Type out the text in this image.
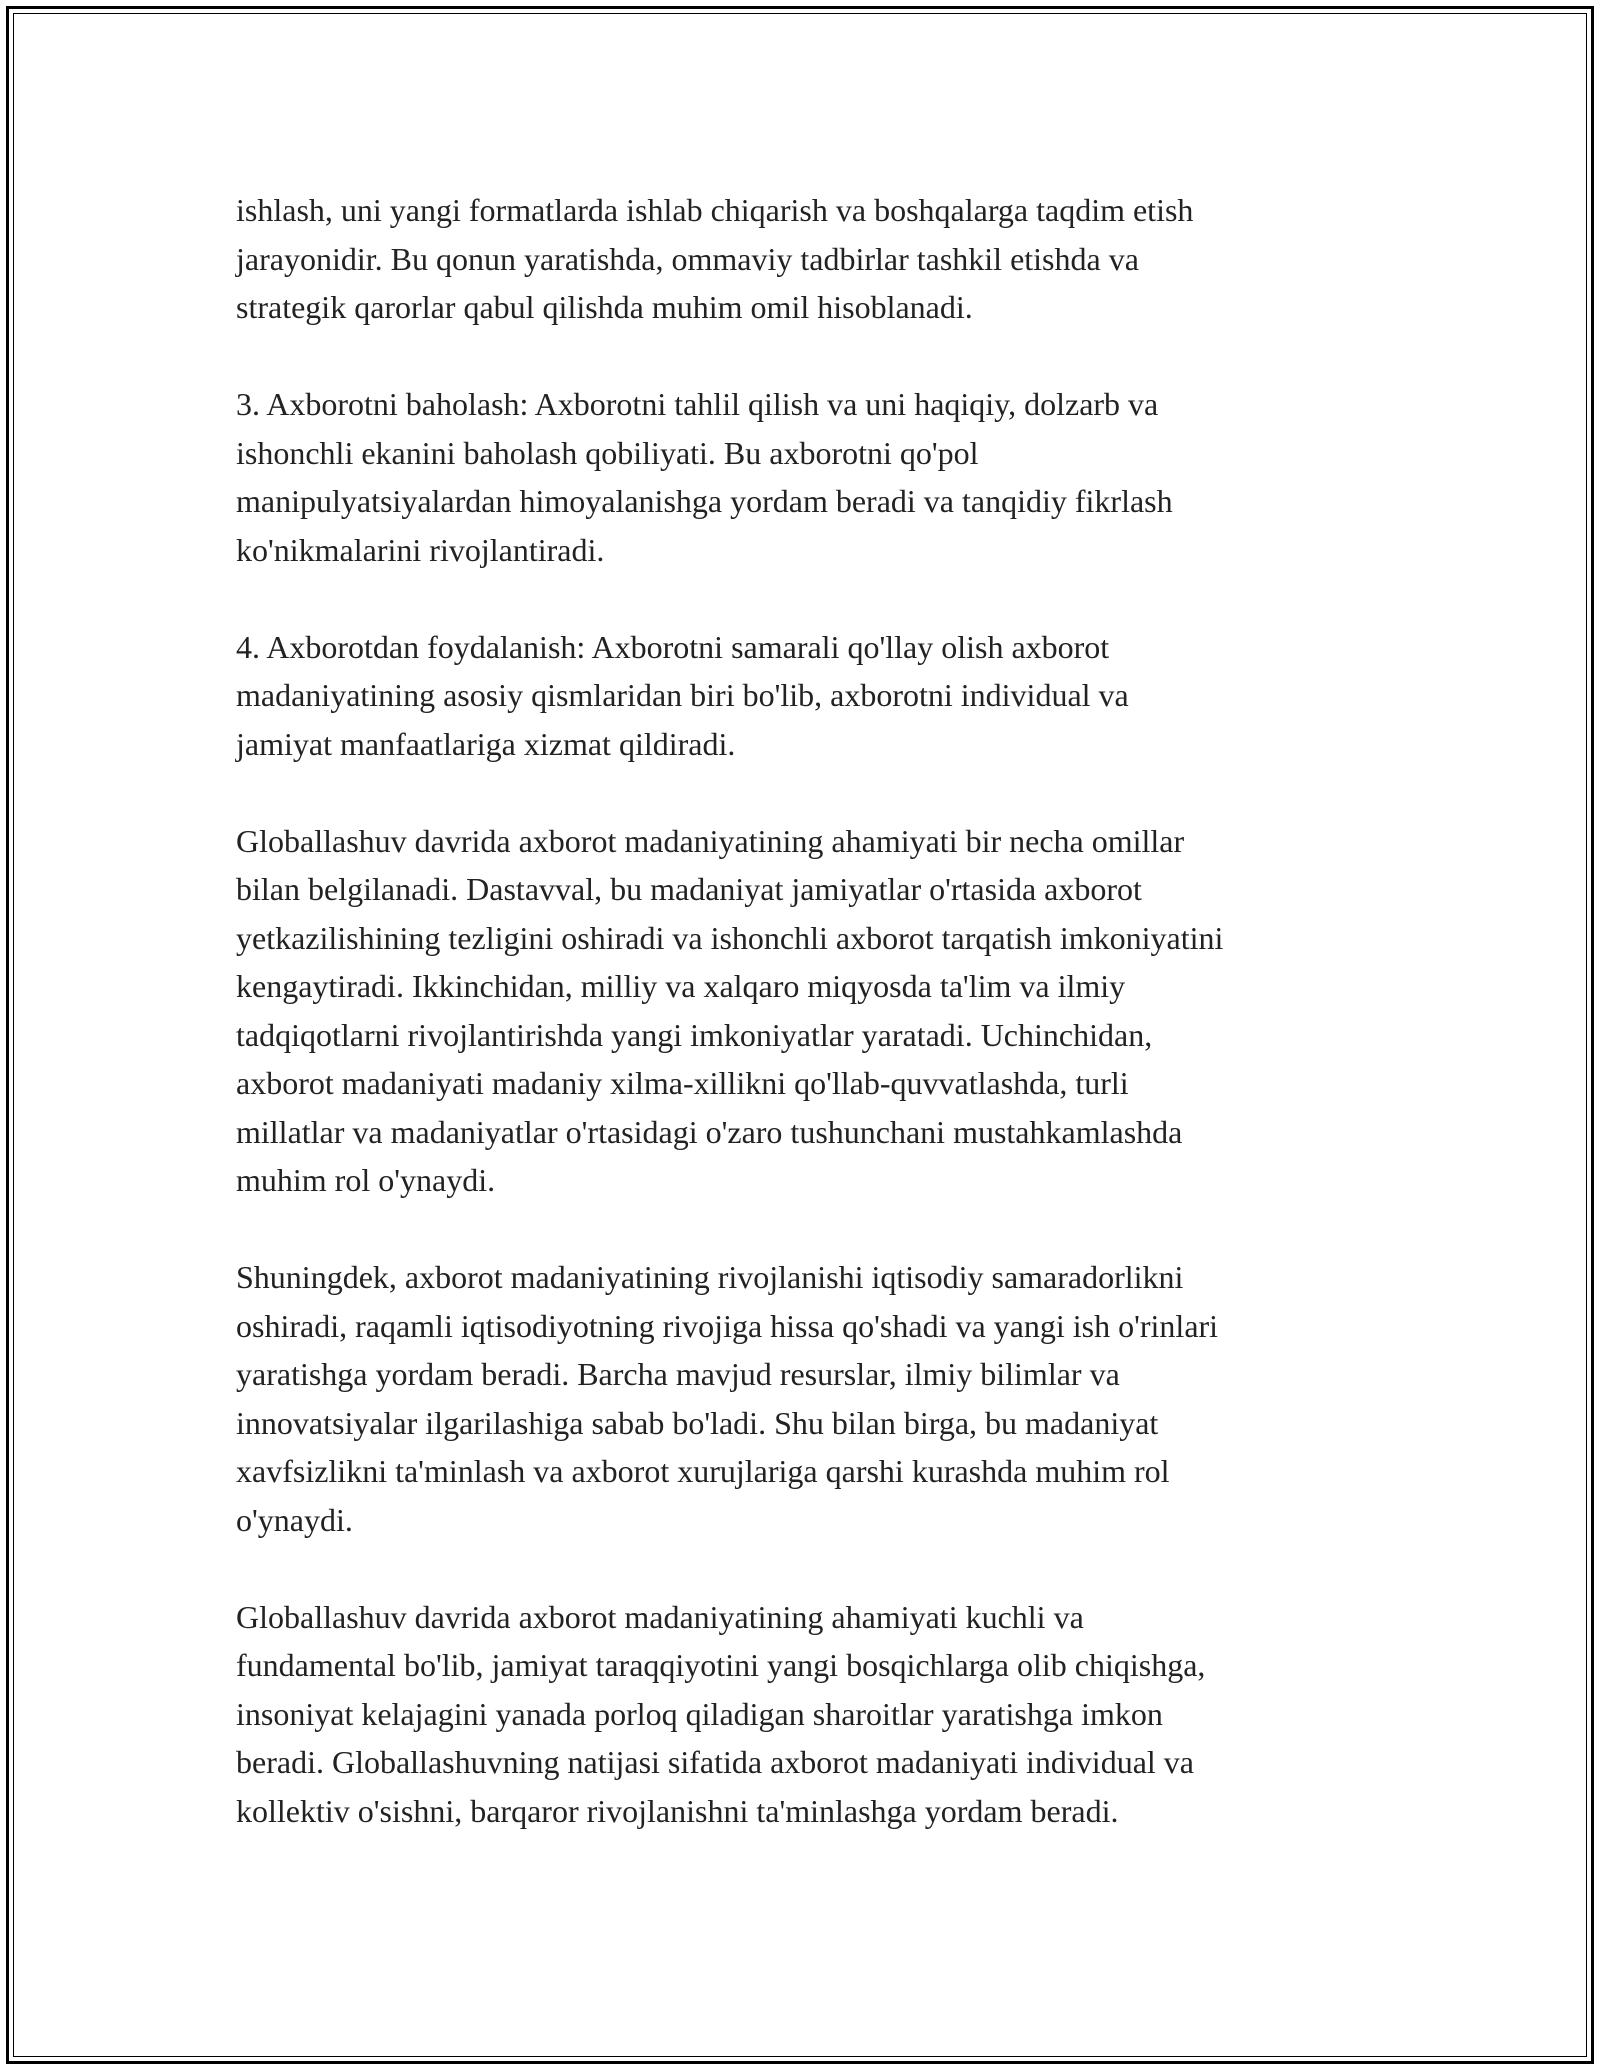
ishlash, uni yangi formatlarda ishlab chiqarish va boshqalarga taqdim etish
jarayonidir. Bu qonun yaratishda, ommaviy tadbirlar tashkil etishda va
strategik qarorlar qabul qilishda muhim omil hisoblanadi.
3. Axborotni baholash: Axborotni tahlil qilish va uni haqiqiy, dolzarb va
ishonchli ekanini baholash qobiliyati. Bu axborotni qo'pol
manipulyatsiyalardan himoyalanishga yordam beradi va tanqidiy fikrlash
ko'nikmalarini rivojlantiradi.
4. Axborotdan foydalanish: Axborotni samarali qo'llay olish axborot
madaniyatining asosiy qismlaridan biri bo'lib, axborotni individual va
jamiyat manfaatlariga xizmat qildiradi.
Globallashuv davrida axborot madaniyatining ahamiyati bir necha omillar
bilan belgilanadi. Dastavval, bu madaniyat jamiyatlar o'rtasida axborot
yetkazilishining tezligini oshiradi va ishonchli axborot tarqatish imkoniyatini
kengaytiradi. Ikkinchidan, milliy va xalqaro miqyosda ta'lim va ilmiy
tadqiqotlarni rivojlantirishda yangi imkoniyatlar yaratadi. Uchinchidan,
axborot madaniyati madaniy xilma-xillikni qo'llab-quvvatlashda, turli
millatlar va madaniyatlar o'rtasidagi o'zaro tushunchani mustahkamlashda
muhim rol o'ynaydi.
Shuningdek, axborot madaniyatining rivojlanishi iqtisodiy samaradorlikni
oshiradi, raqamli iqtisodiyotning rivojiga hissa qo'shadi va yangi ish o'rinlari
yaratishga yordam beradi. Barcha mavjud resurslar, ilmiy bilimlar va
innovatsiyalar ilgarilashiga sabab bo'ladi. Shu bilan birga, bu madaniyat
xavfsizlikni ta'minlash va axborot xurujlariga qarshi kurashda muhim rol
o'ynaydi.
Globallashuv davrida axborot madaniyatining ahamiyati kuchli va
fundamental bo'lib, jamiyat taraqqiyotini yangi bosqichlarga olib chiqishga,
insoniyat kelajagini yanada porloq qiladigan sharoitlar yaratishga imkon
beradi. Globallashuvning natijasi sifatida axborot madaniyati individual va
kollektiv o'sishni, barqaror rivojlanishni ta'minlashga yordam beradi.
